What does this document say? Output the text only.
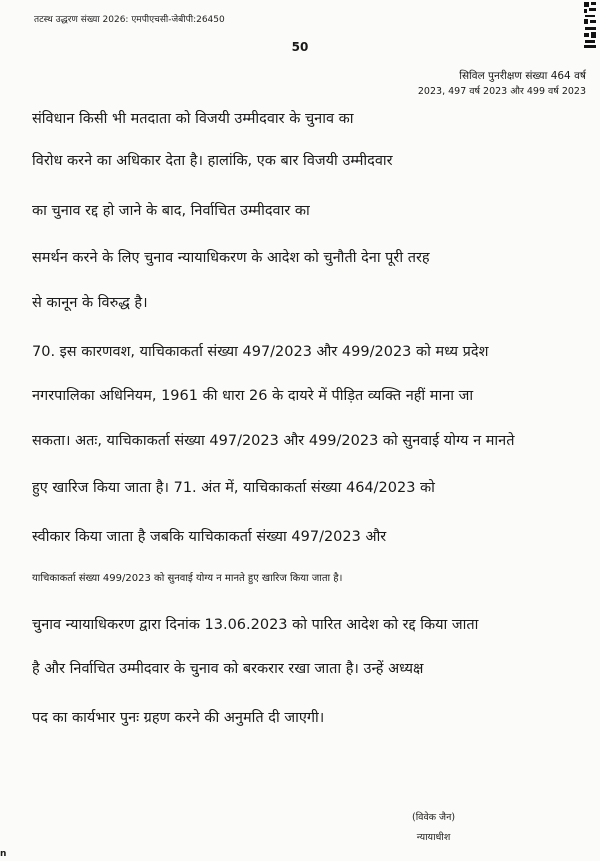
तटस्थ उद्धरण संख्या 2026: एमपीएचसी-जेबीपी:26450
50
सिविल पुनरीक्षण संख्या 464 वर्ष
2023, 497 वर्ष 2023 और 499 वर्ष 2023
संविधान किसी भी मतदाता को विजयी उम्मीदवार के चुनाव का
विरोध करने का अधिकार देता है। हालांकि, एक बार विजयी उम्मीदवार
का चुनाव रद्द हो जाने के बाद, निर्वाचित उम्मीदवार का
समर्थन करने के लिए चुनाव न्यायाधिकरण के आदेश को चुनौती देना पूरी तरह
से कानून के विरुद्ध है।
70. इस कारणवश, याचिकाकर्ता संख्या 497/2023 और 499/2023 को मध्य प्रदेश
नगरपालिका अधिनियम, 1961 की धारा 26 के दायरे में पीड़ित व्यक्ति नहीं माना जा
सकता। अतः, याचिकाकर्ता संख्या 497/2023 और 499/2023 को सुनवाई योग्य न मानते
हुए खारिज किया जाता है। 71. अंत में, याचिकाकर्ता संख्या 464/2023 को
स्वीकार किया जाता है जबकि याचिकाकर्ता संख्या 497/2023 और
याचिकाकर्ता संख्या 499/2023 को सुनवाई योग्य न मानते हुए खारिज किया जाता है।
चुनाव न्यायाधिकरण द्वारा दिनांक 13.06.2023 को पारित आदेश को रद्द किया जाता
है और निर्वाचित उम्मीदवार के चुनाव को बरकरार रखा जाता है। उन्हें अध्यक्ष
पद का कार्यभार पुनः ग्रहण करने की अनुमति दी जाएगी।
(विवेक जैन)
न्यायाधीश
n
